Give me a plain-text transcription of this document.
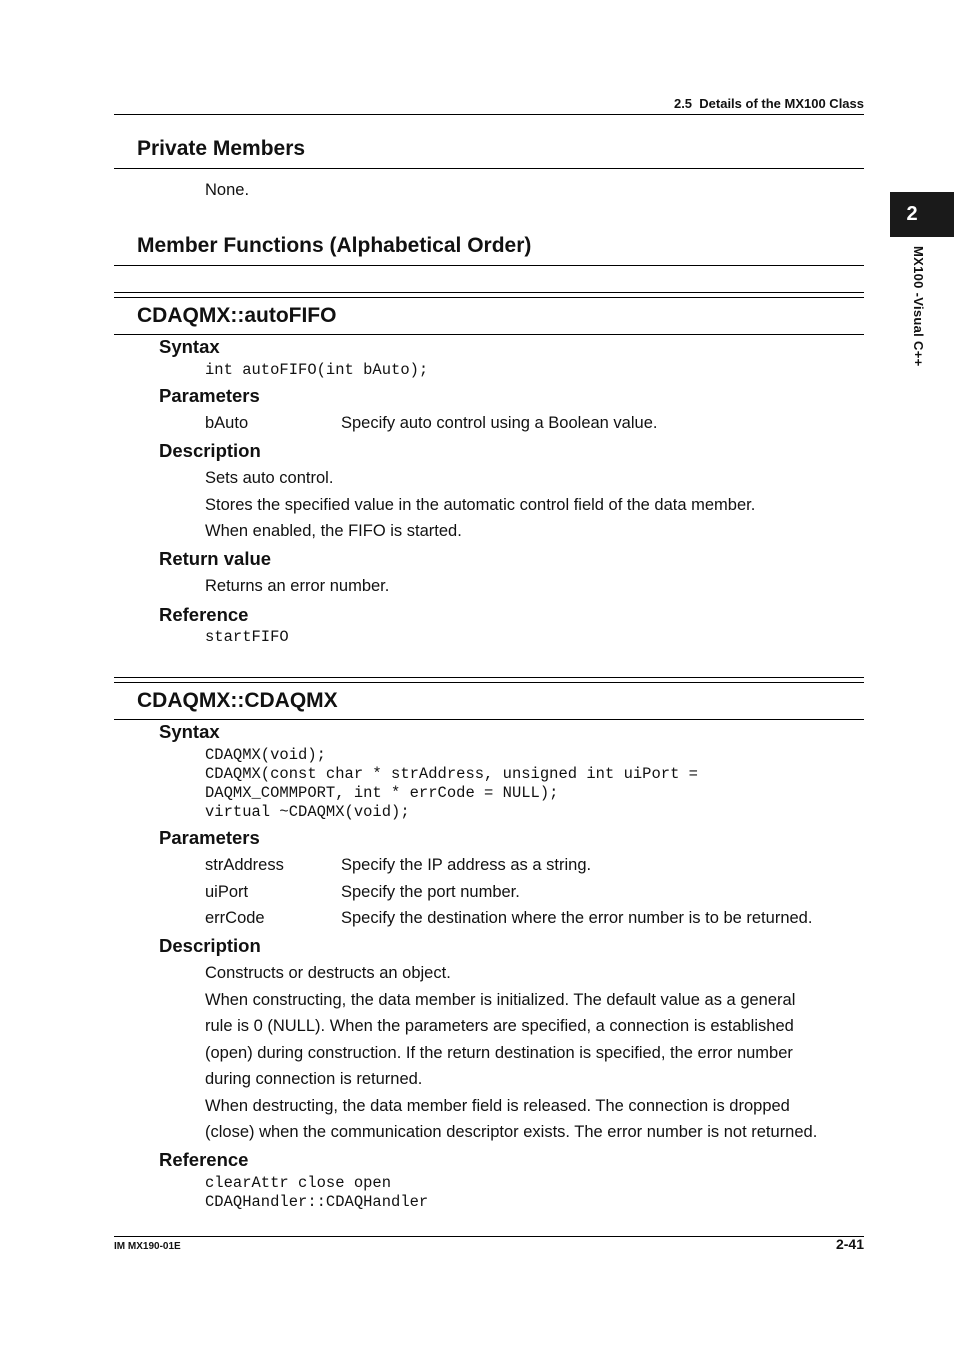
2.5  Details of the MX100 Class
2
MX100 -Visual C++
Private Members
None.
Member Functions (Alphabetical Order)
CDAQMX::autoFIFO
Syntax
int autoFIFO(int bAuto);
Parameters
bAuto	Specify auto control using a Boolean value.
Description
Sets auto control.
Stores the specified value in the automatic control field of the data member.
When enabled, the FIFO is started.
Return value
Returns an error number.
Reference
startFIFO
CDAQMX::CDAQMX
Syntax
CDAQMX(void);
CDAQMX(const char * strAddress, unsigned int uiPort =
DAQMX_COMMPORT, int * errCode = NULL);
virtual ~CDAQMX(void);
Parameters
strAddress	Specify the IP address as a string.
uiPort	Specify the port number.
errCode	Specify the destination where the error number is to be returned.
Description
Constructs or destructs an object.
When constructing, the data member is initialized. The default value as a general
rule is 0 (NULL). When the parameters are specified, a connection is established
(open) during construction. If the return destination is specified, the error number
during connection is returned.
When destructing, the data member field is released. The connection is dropped
(close) when the communication descriptor exists. The error number is not returned.
Reference
clearAttr close open
CDAQHandler::CDAQHandler
IM MX190-01E	2-41
